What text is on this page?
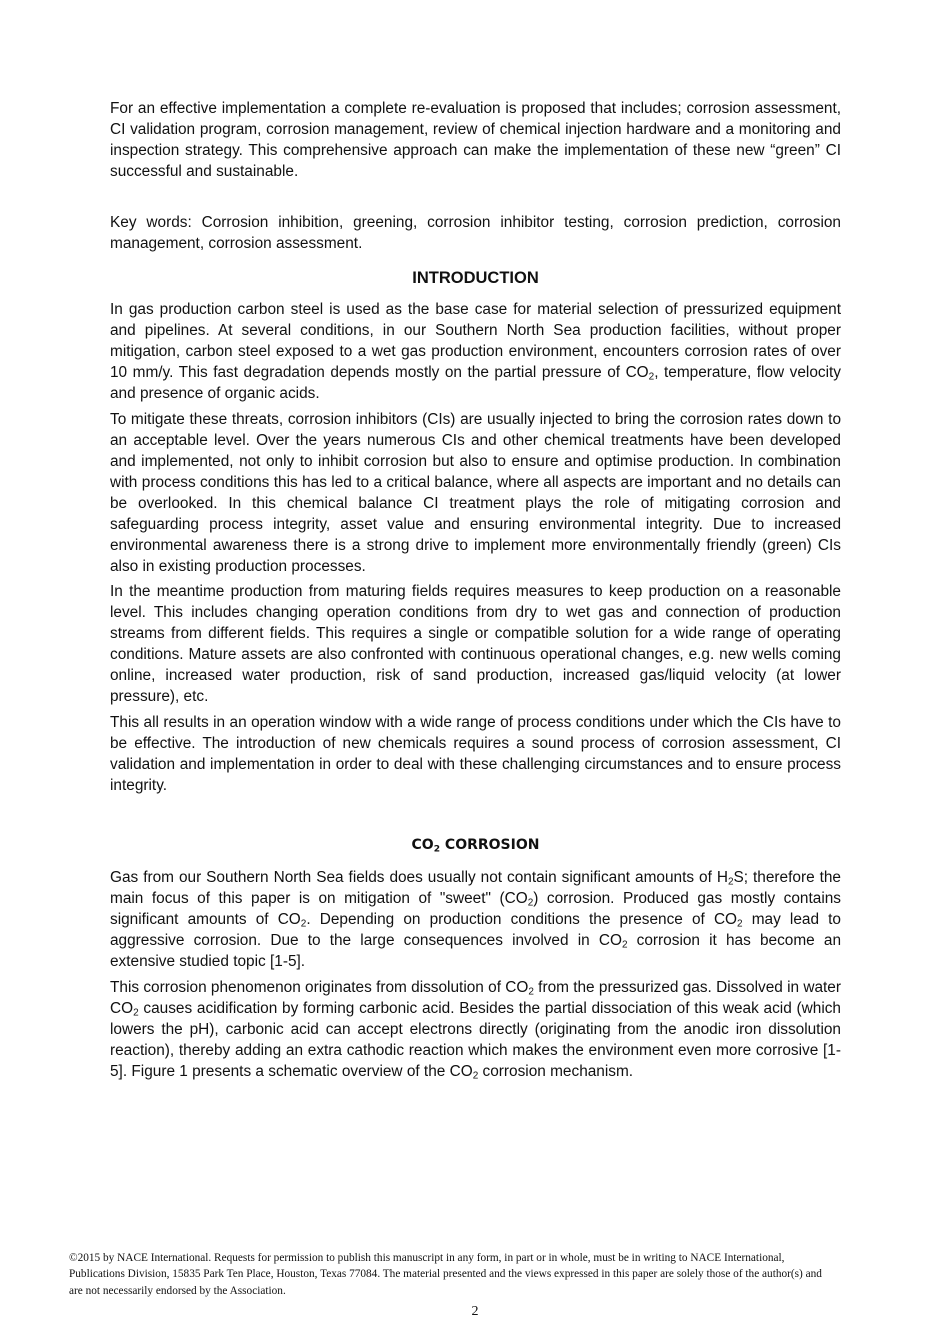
For an effective implementation a complete re-evaluation is proposed that includes; corrosion assessment, CI validation program, corrosion management, review of chemical injection hardware and a monitoring and inspection strategy. This comprehensive approach can make the implementation of these new “green” CI successful and sustainable.

Key words: Corrosion inhibition, greening, corrosion inhibitor testing, corrosion prediction, corrosion management, corrosion assessment.

INTRODUCTION

In gas production carbon steel is used as the base case for material selection of pressurized equipment and pipelines. At several conditions, in our Southern North Sea production facilities, without proper mitigation, carbon steel exposed to a wet gas production environment, encounters corrosion rates of over 10 mm/y. This fast degradation depends mostly on the partial pressure of $CO_2$, temperature, flow velocity and presence of organic acids.

To mitigate these threats, corrosion inhibitors (CIs) are usually injected to bring the corrosion rates down to an acceptable level. Over the years numerous CIs and other chemical treatments have been developed and implemented, not only to inhibit corrosion but also to ensure and optimise production. In combination with process conditions this has led to a critical balance, where all aspects are important and no details can be overlooked. In this chemical balance CI treatment plays the role of mitigating corrosion and safeguarding process integrity, asset value and ensuring environmental integrity. Due to increased environmental awareness there is a strong drive to implement more environmentally friendly (green) CIs also in existing production processes.

In the meantime production from maturing fields requires measures to keep production on a reasonable level. This includes changing operation conditions from dry to wet gas and connection of production streams from different fields. This requires a single or compatible solution for a wide range of operating conditions. Mature assets are also confronted with continuous operational changes, e.g. new wells coming online, increased water production, risk of sand production, increased gas/liquid velocity (at lower pressure), etc.

This all results in an operation window with a wide range of process conditions under which the CIs have to be effective. The introduction of new chemicals requires a sound process of corrosion assessment, CI validation and implementation in order to deal with these challenging circumstances and to ensure process integrity.

$CO_2$ CORROSION

Gas from our Southern North Sea fields does usually not contain significant amounts of $H_2S$; therefore the main focus of this paper is on mitigation of "sweet" $(CO_2)$ corrosion. Produced gas mostly contains significant amounts of $CO_2$. Depending on production conditions the presence of $CO_2$ may lead to aggressive corrosion. Due to the large consequences involved in $CO_2$ corrosion it has become an extensive studied topic [1-5].

This corrosion phenomenon originates from dissolution of $CO_2$ from the pressurized gas. Dissolved in water $CO_2$ causes acidification by forming carbonic acid. Besides the partial dissociation of this weak acid (which lowers the pH), carbonic acid can accept electrons directly (originating from the anodic iron dissolution reaction), thereby adding an extra cathodic reaction which makes the environment even more corrosive [1-5]. Figure 1 presents a schematic overview of the $CO_2$ corrosion mechanism.

©2015 by NACE International. Requests for permission to publish this manuscript in any form, in part or in whole, must be in writing to NACE International, Publications Division, 15835 Park Ten Place, Houston, Texas 77084. The material presented and the views expressed in this paper are solely those of the author(s) and are not necessarily endorsed by the Association.

2
